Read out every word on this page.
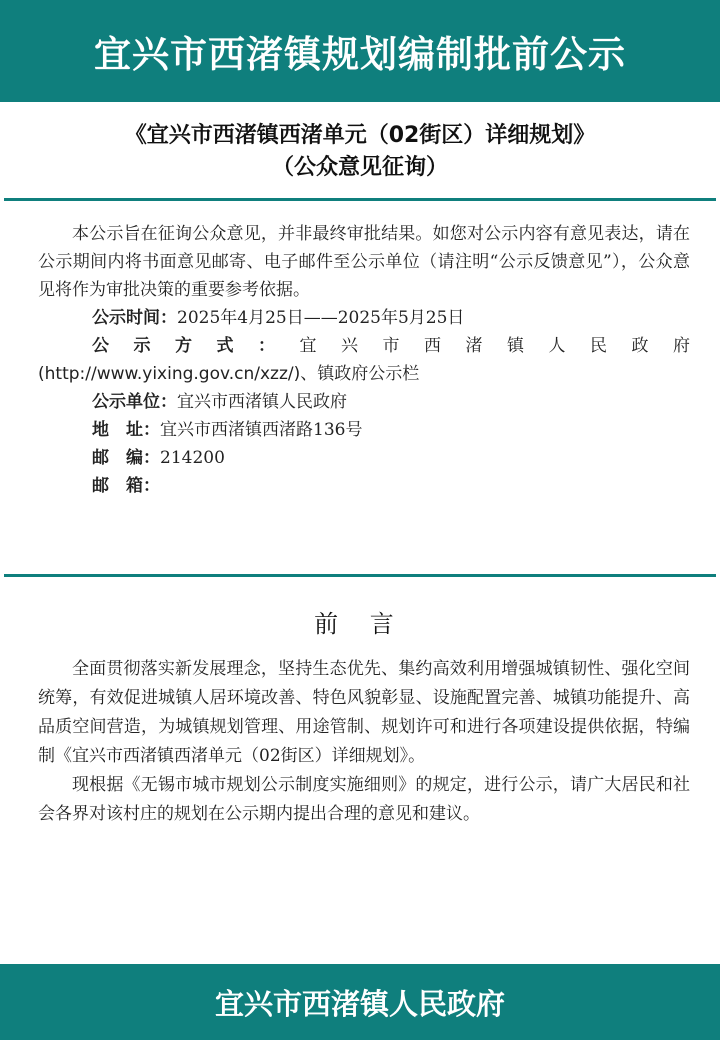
宜兴市西渚镇规划编制批前公示
《宜兴市西渚镇西渚单元（02街区）详细规划》
（公众意见征询）

本公示旨在征询公众意见，并非最终审批结果。如您对公示内容有意见表达，请在公示期间内将书面意见邮寄、电子邮件至公示单位（请注明“公示反馈意见”），公众意见将作为审批决策的重要参考依据。

公示时间：2025年4月25日——2025年5月25日
公 示 方 式 ： 宜 兴 市 西 渚 镇 人 民 政 府
(http://www.yixing.gov.cn/xzz/)、镇政府公示栏
公示单位：宜兴市西渚镇人民政府
地　址：宜兴市西渚镇西渚路136号
邮　编：214200
邮　箱：
前 言

全面贯彻落实新发展理念，坚持生态优先、集约高效利用增强城镇韧性、强化空间统筹，有效促进城镇人居环境改善、特色风貌彰显、设施配置完善、城镇功能提升、高品质空间营造，为城镇规划管理、用途管制、规划许可和进行各项建设提供依据，特编制《宜兴市西渚镇西渚单元（02街区）详细规划》。

现根据《无锡市城市规划公示制度实施细则》的规定，进行公示，请广大居民和社会各界对该村庄的规划在公示期内提出合理的意见和建议。

宜兴市西渚镇人民政府
